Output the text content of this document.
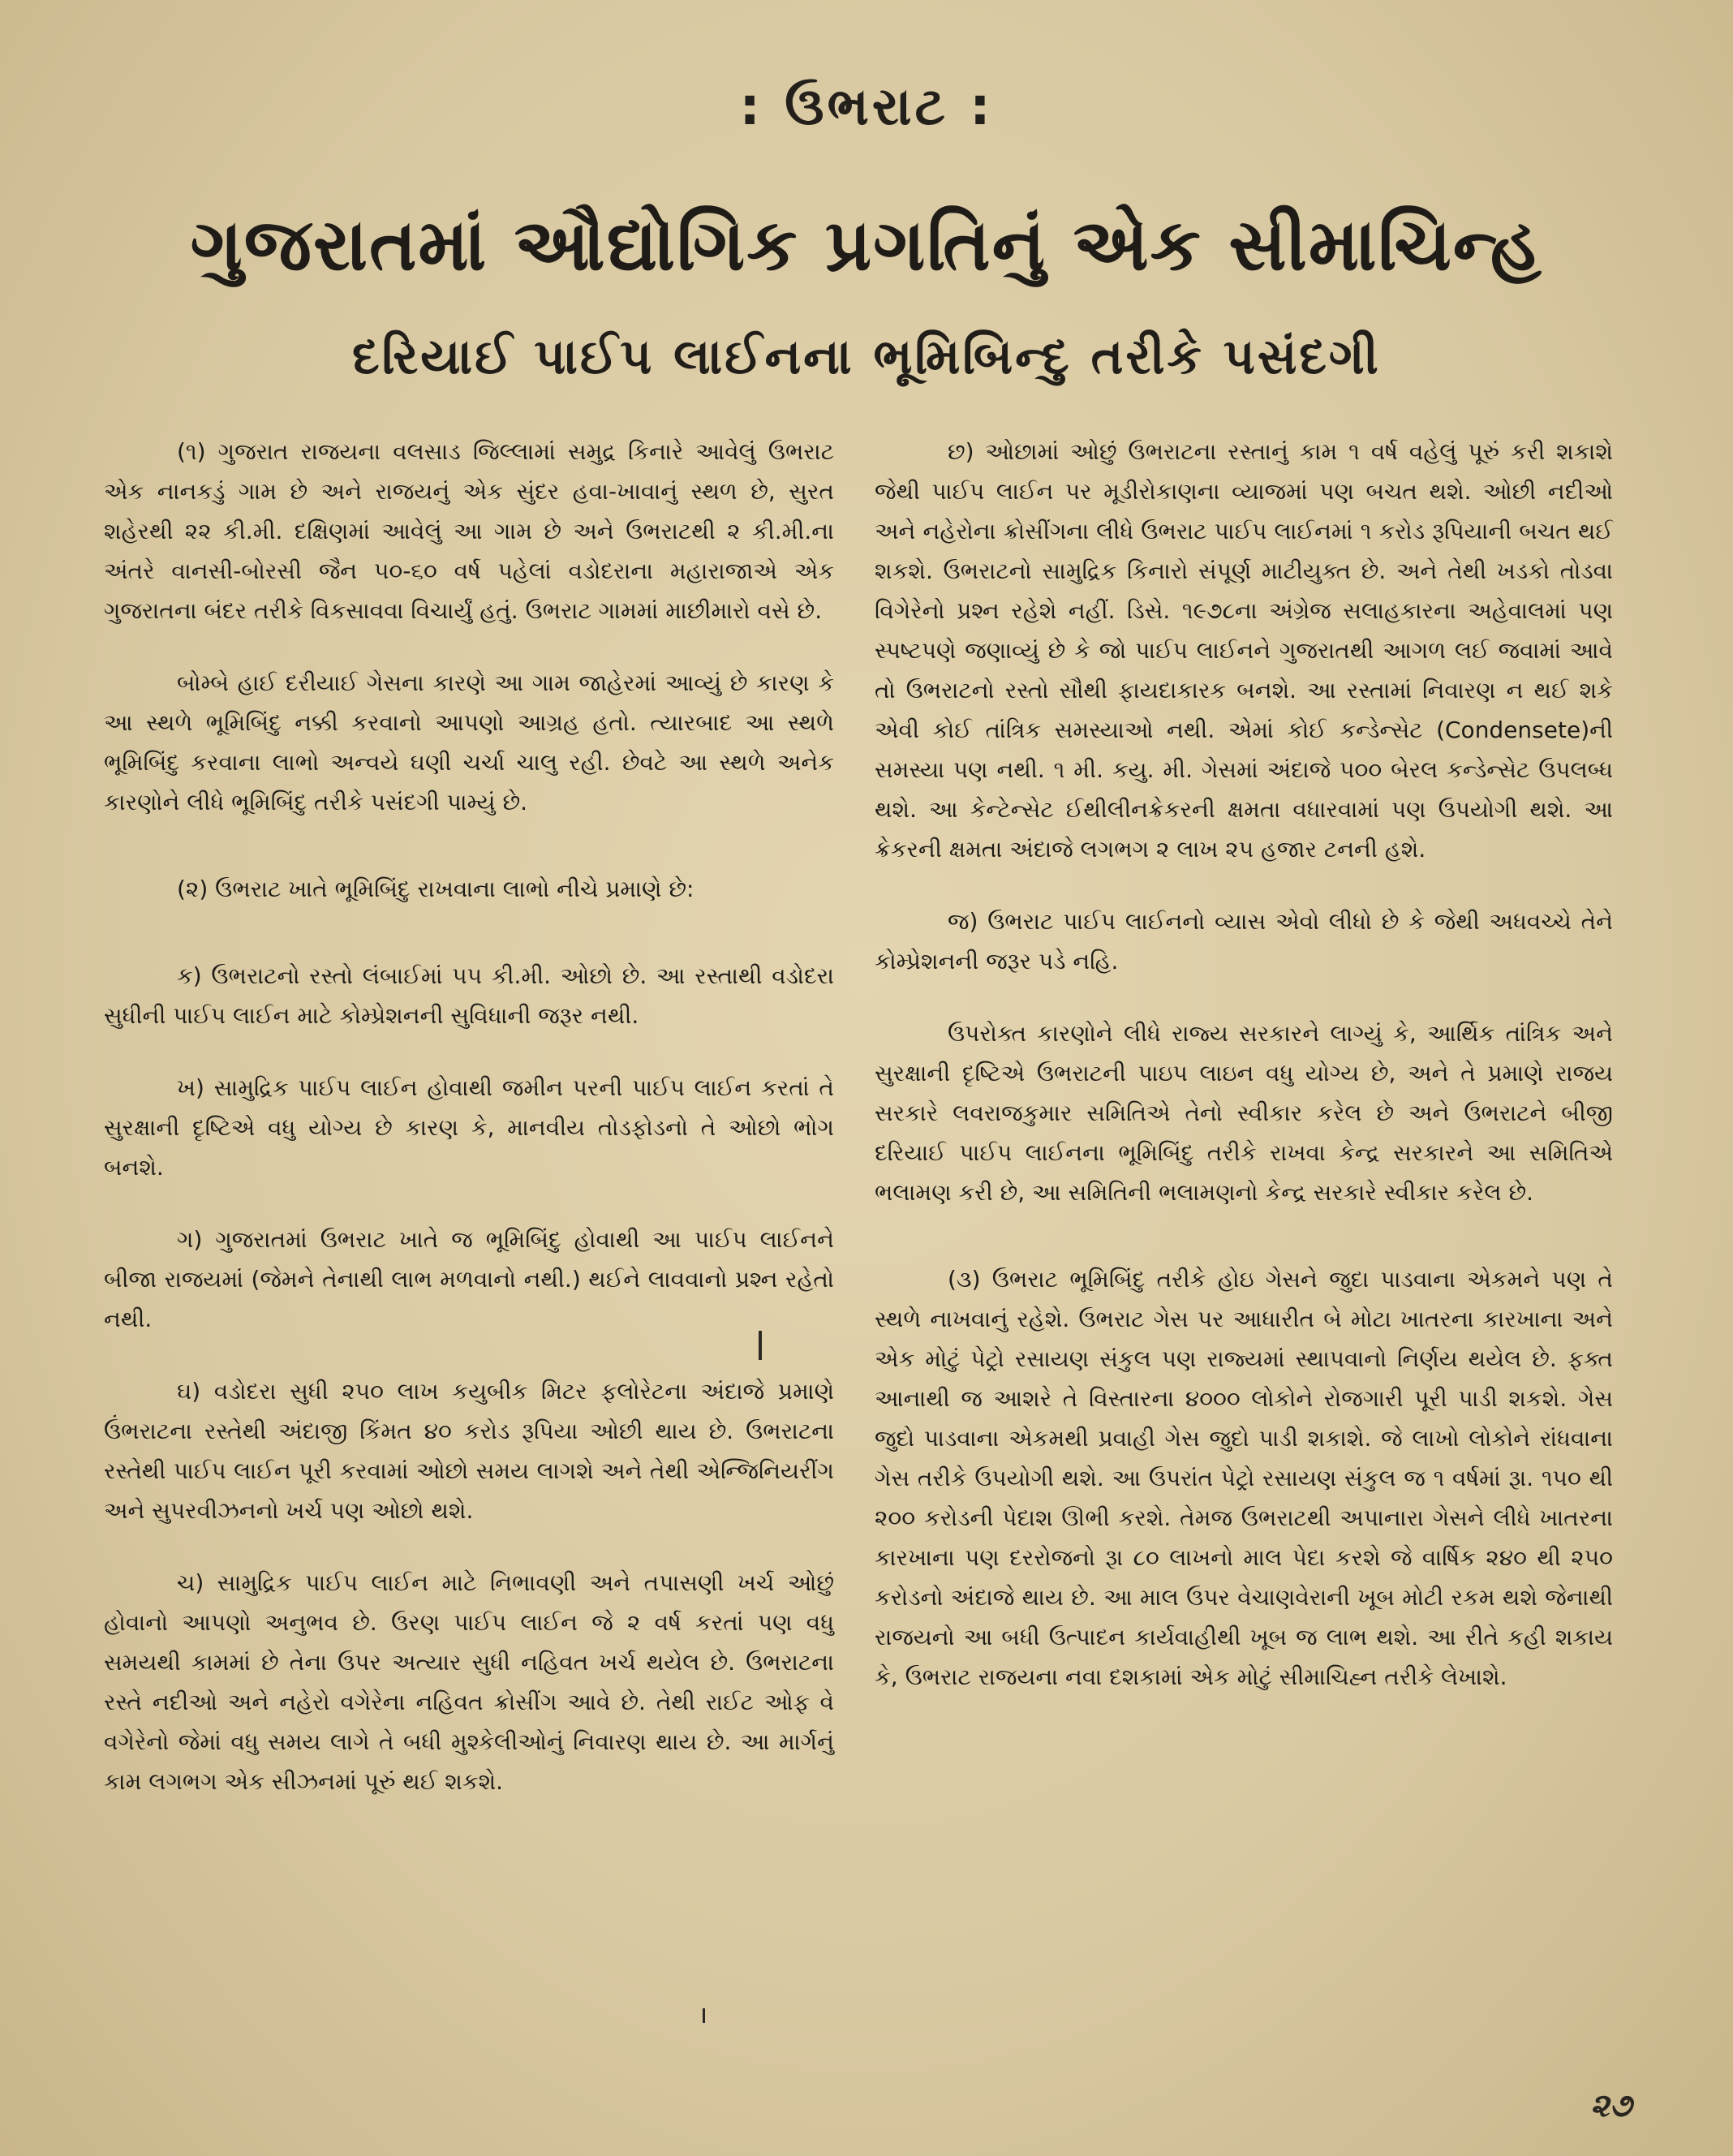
: ઉભરાટ :
ગુજરાતમાં ઔદ્યોગિક પ્રગતિનું એક સીમાચિન્હ
દરિયાઈ પાઈપ લાઈનના ભૂમિબિન્દુ તરીકે પસંદગી

(૧) ગુજરાત રાજયના વલસાડ જિલ્લામાં સમુદ્ર કિનારે આવેલું ઉભરાટ એક નાનકડું ગામ છે અને રાજયનું એક સુંદર હવા-ખાવાનું સ્થળ છે, સુરત શહેરથી ૨૨ કી.મી. દક્ષિણમાં આવેલું આ ગામ છે અને ઉભરાટથી ૨ કી.મી.ના અંતરે વાનસી-બોરસી જૈન ૫૦-૬૦ વર્ષ પહેલાં વડોદરાના મહારાજાએ એક ગુજરાતના બંદર તરીકે વિકસાવવા વિચાર્યું હતું. ઉભરાટ ગામમાં માછીમારો વસે છે.

બોમ્બે હાઈ દરીયાઈ ગેસના કારણે આ ગામ જાહેરમાં આવ્યું છે કારણ કે આ સ્થળે ભૂમિબિંદુ નક્કી કરવાનો આપણો આગ્રહ હતો. ત્યારબાદ આ સ્થળે ભૂમિબિંદુ કરવાના લાભો અન્વયે ઘણી ચર્ચા ચાલુ રહી. છેવટે આ સ્થળે અનેક કારણોને લીધે ભૂમિબિંદુ તરીકે પસંદગી પામ્યું છે.

(૨) ઉભરાટ ખાતે ભૂમિબિંદુ રાખવાના લાભો નીચે પ્રમાણે છે:

ક) ઉભરાટનો રસ્તો લંબાઈમાં ૫૫ કી.મી. ઓછો છે. આ રસ્તાથી વડોદરા સુધીની પાઈપ લાઈન માટે કોમ્પ્રેશનની સુવિધાની જરૂર નથી.

ખ) સામુદ્રિક પાઈપ લાઈન હોવાથી જમીન પરની પાઈપ લાઈન કરતાં તે સુરક્ષાની દૃષ્ટિએ વધુ યોગ્ય છે કારણ કે, માનવીય તોડફોડનો તે ઓછો ભોગ બનશે.

ગ) ગુજરાતમાં ઉભરાટ ખાતે જ ભૂમિબિંદુ હોવાથી આ પાઈપ લાઈનને બીજા રાજયમાં (જેમને તેનાથી લાભ મળવાનો નથી.) થઈને લાવવાનો પ્રશ્ન રહેતો નથી.

ઘ) વડોદરા સુધી ૨૫૦ લાખ કયુબીક મિટર ફલોરેટના અંદાજે પ્રમાણે ઉંભરાટના રસ્તેથી અંદાજી કિંમત ૪૦ કરોડ રૂપિયા ઓછી થાય છે. ઉભરાટના રસ્તેથી પાઈપ લાઈન પૂરી કરવામાં ઓછો સમય લાગશે અને તેથી એન્જિનિયરીંગ અને સુપરવીઝનનો ખર્ચ પણ ઓછો થશે.

ચ) સામુદ્રિક પાઈપ લાઈન માટે નિભાવણી અને તપાસણી ખર્ચ ઓછું હોવાનો આપણો અનુભવ છે. ઉરણ પાઈપ લાઈન જે ૨ વર્ષ કરતાં પણ વધુ સમયથી કામમાં છે તેના ઉપર અત્યાર સુધી નહિવત ખર્ચ થયેલ છે. ઉભરાટના રસ્તે નદીઓ અને નહેરો વગેરેના નહિવત ક્રોસીંગ આવે છે. તેથી રાઈટ ઓફ વે વગેરેનો જેમાં વધુ સમય લાગે તે બધી મુશ્કેલીઓનું નિવારણ થાય છે. આ માર્ગનું કામ લગભગ એક સીઝનમાં પૂરું થઈ શકશે.

છ) ઓછામાં ઓછું ઉભરાટના રસ્તાનું કામ ૧ વર્ષ વહેલું પૂરું કરી શકાશે જેથી પાઈપ લાઈન પર મૂડીરોકાણના વ્યાજમાં પણ બચત થશે. ઓછી નદીઓ અને નહેરોના ક્રોસીંગના લીધે ઉભરાટ પાઈપ લાઈનમાં ૧ કરોડ રૂપિયાની બચત થઈ શકશે. ઉભરાટનો સામુદ્રિક કિનારો સંપૂર્ણ માટીયુક્ત છે. અને તેથી ખડકો તોડવા વિગેરેનો પ્રશ્ન રહેશે નહીં. ડિસે. ૧૯૭૮ના અંગ્રેજ સલાહકારના અહેવાલમાં પણ સ્પષ્ટપણે જણાવ્યું છે કે જો પાઈપ લાઈનને ગુજરાતથી આગળ લઈ જવામાં આવે તો ઉભરાટનો રસ્તો સૌથી ફાયદાકારક બનશે. આ રસ્તામાં નિવારણ ન થઈ શકે એવી કોઈ તાંત્રિક સમસ્યાઓ નથી. એમાં કોઈ કન્ડેન્સેટ (Condensete)ની સમસ્યા પણ નથી. ૧ મી. કયુ. મી. ગેસમાં અંદાજે ૫૦૦ બેરલ કન્ડેન્સેટ ઉપલબ્ધ થશે. આ કેન્ટેન્સેટ ઈથીલીનક્રેકરની ક્ષમતા વધારવામાં પણ ઉપયોગી થશે. આ ક્રેકરની ક્ષમતા અંદાજે લગભગ ૨ લાખ ૨૫ હજાર ટનની હશે.

જ) ઉભરાટ પાઈપ લાઈનનો વ્યાસ એવો લીધો છે કે જેથી અધવચ્ચે તેને કોમ્પ્રેશનની જરૂર પડે નહિ.

ઉપરોક્ત કારણોને લીધે રાજ્ય સરકારને લાગ્યું કે, આર્થિક તાંત્રિક અને સુરક્ષાની દૃષ્ટિએ ઉભરાટની પાઇપ લાઇન વધુ યોગ્ય છે, અને તે પ્રમાણે રાજય સરકારે લવરાજકુમાર સમિતિએ તેનો સ્વીકાર કરેલ છે અને ઉભરાટને બીજી દરિયાઈ પાઈપ લાઈનના ભૂમિબિંદુ તરીકે રાખવા કેન્દ્ર સરકારને આ સમિતિએ ભલામણ કરી છે, આ સમિતિની ભલામણનો કેન્દ્ર સરકારે સ્વીકાર કરેલ છે.

(૩) ઉભરાટ ભૂમિબિંદુ તરીકે હોઇ ગેસને જુદા પાડવાના એકમને પણ તે સ્થળે નાખવાનું રહેશે. ઉભરાટ ગેસ પર આધારીત બે મોટા ખાતરના કારખાના અને એક મોટું પેટ્રો રસાયણ સંકુલ પણ રાજ્યમાં સ્થાપવાનો નિર્ણય થયેલ છે. ફક્ત આનાથી જ આશરે તે વિસ્તારના ૪૦૦૦ લોકોને રોજગારી પૂરી પાડી શકશે. ગેસ જુદો પાડવાના એકમથી પ્રવાહી ગેસ જુદો પાડી શકાશે. જે લાખો લોકોને રાંધવાના ગેસ તરીકે ઉપયોગી થશે. આ ઉપરાંત પેટ્રો રસાયણ સંકુલ જ ૧ વર્ષમાં રૂા. ૧૫૦ થી ૨૦૦ કરોડની પેદાશ ઊભી કરશે. તેમજ ઉભરાટથી અપાનારા ગેસને લીધે ખાતરના કારખાના પણ દરરોજનો રૂા ૮૦ લાખનો માલ પેદા કરશે જે વાર્ષિક ૨૪૦ થી ૨૫૦ કરોડનો અંદાજે થાય છે. આ માલ ઉપર વેચાણવેરાની ખૂબ મોટી રકમ થશે જેનાથી રાજયનો આ બધી ઉત્પાદન કાર્યવાહીથી ખૂબ જ લાભ થશે. આ રીતે કહી શકાય કે, ઉભરાટ રાજયના નવા દશકામાં એક મોટું સીમાચિહ્ન તરીકે લેખાશે.

૨૭
